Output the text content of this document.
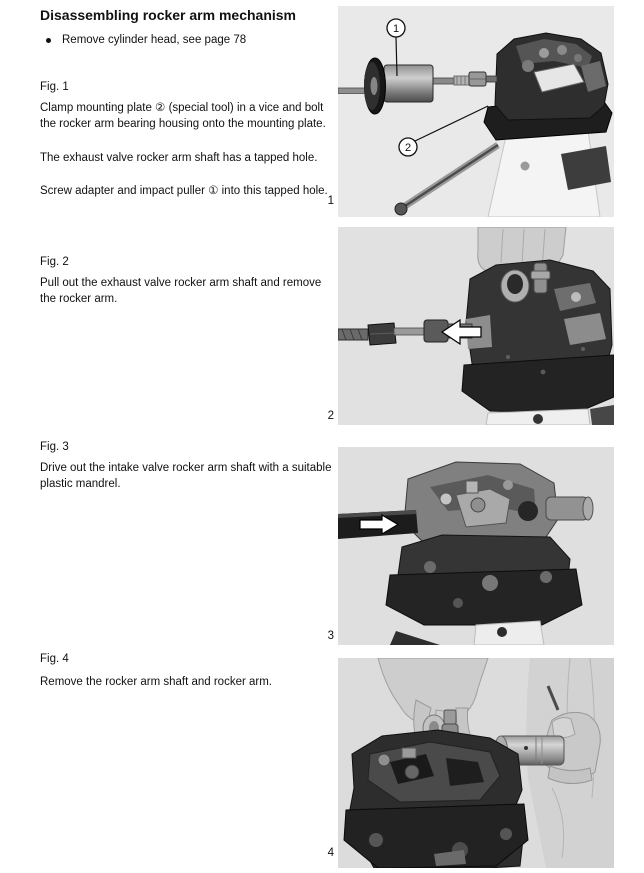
Disassembling rocker arm mechanism
Remove cylinder head, see page 78
Fig. 1

Clamp mounting plate ② (special tool) in a vice and bolt the rocker arm bearing housing onto the mounting plate.

The exhaust valve rocker arm shaft has a tapped hole.

Screw adapter and impact puller ① into this tapped hole.

Fig. 2

Pull out the exhaust valve rocker arm shaft and remove the rocker arm.

Fig. 3

Drive out the intake valve rocker arm shaft with a suitable plastic mandrel.

Fig. 4

Remove the rocker arm shaft and rocker arm.

1
2
1
2
3
4
